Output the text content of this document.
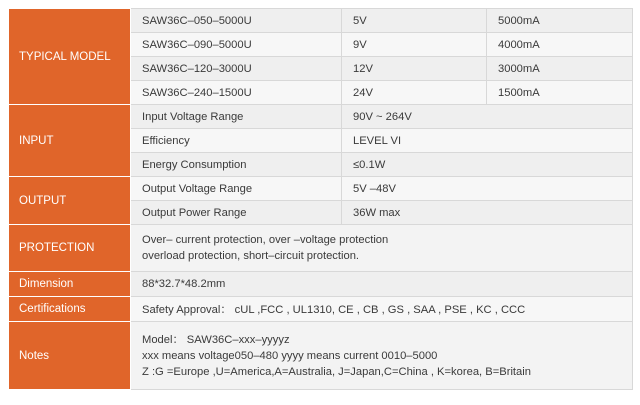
TYPICAL MODEL	SAW36C–050–5000U	5V	5000mA
	SAW36C–090–5000U	9V	4000mA
	SAW36C–120–3000U	12V	3000mA
	SAW36C–240–1500U	24V	1500mA
INPUT	Input Voltage Range	90V ~ 264V	
	Efficiency	LEVEL VI	
	Energy Consumption	≤0.1W	
OUTPUT	Output Voltage Range	5V –48V	
	Output Power Range	36W max	
PROTECTION	Over– current protection, over –voltage protection
overload protection, short–circuit protection.		

Dimension	88*32.7*48.2mm		
Certifications	Safety Approval： cUL ,FCC , UL1310, CE , CB , GS , SAA , PSE , KC , CCC		
Notes	Model： SAW36C–xxx–yyyyz
xxx means voltage050–480 yyyy means current 0010–5000
Z :G =Europe ,U=America,A=Australia, J=Japan,C=China , K=korea, B=Britain		
